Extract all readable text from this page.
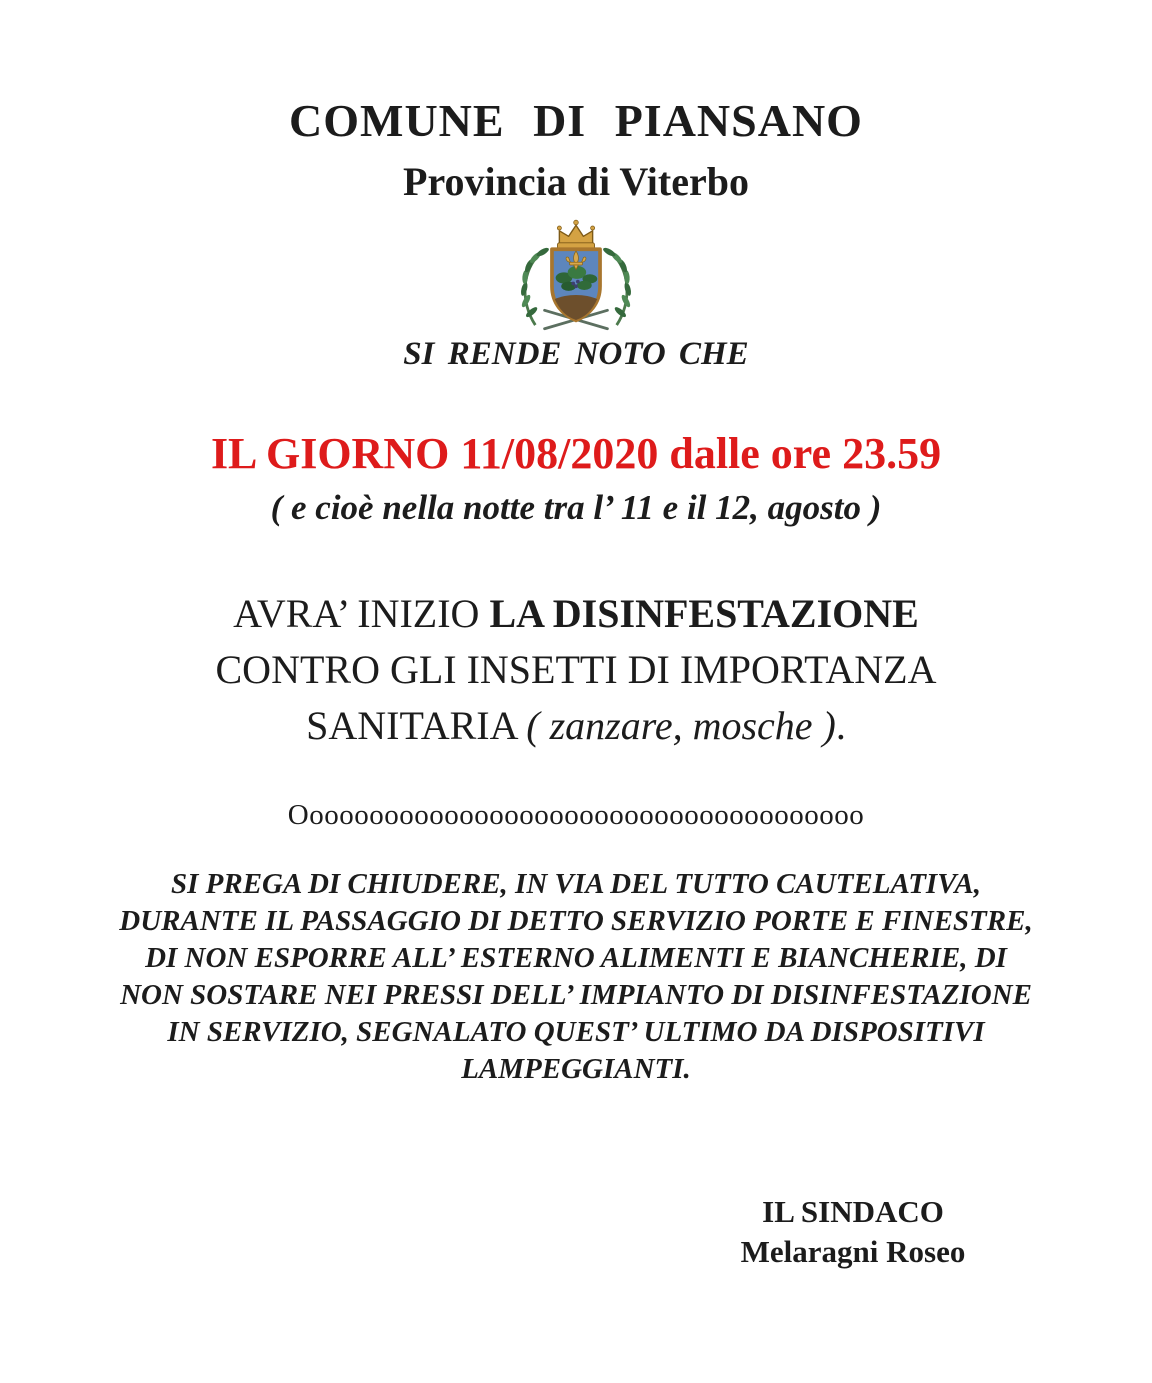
COMUNE DI PIANSANO
Provincia di Viterbo
SI RENDE NOTO CHE
IL GIORNO 11/08/2020 dalle ore 23.59
( e cioè nella notte tra l’ 11 e il 12, agosto )
AVRA’ INIZIO LA DISINFESTAZIONE
CONTRO GLI INSETTI DI IMPORTANZA
SANITARIA ( zanzare, mosche ).
Oooooooooooooooooooooooooooooooooooooo
SI PREGA DI CHIUDERE, IN VIA DEL TUTTO CAUTELATIVA,
DURANTE IL PASSAGGIO DI DETTO SERVIZIO PORTE E FINESTRE,
DI NON ESPORRE ALL’ ESTERNO ALIMENTI E BIANCHERIE, DI
NON SOSTARE NEI PRESSI DELL’ IMPIANTO DI DISINFESTAZIONE
IN SERVIZIO, SEGNALATO QUEST’ ULTIMO DA DISPOSITIVI
LAMPEGGIANTI.
IL SINDACO
Melaragni Roseo
